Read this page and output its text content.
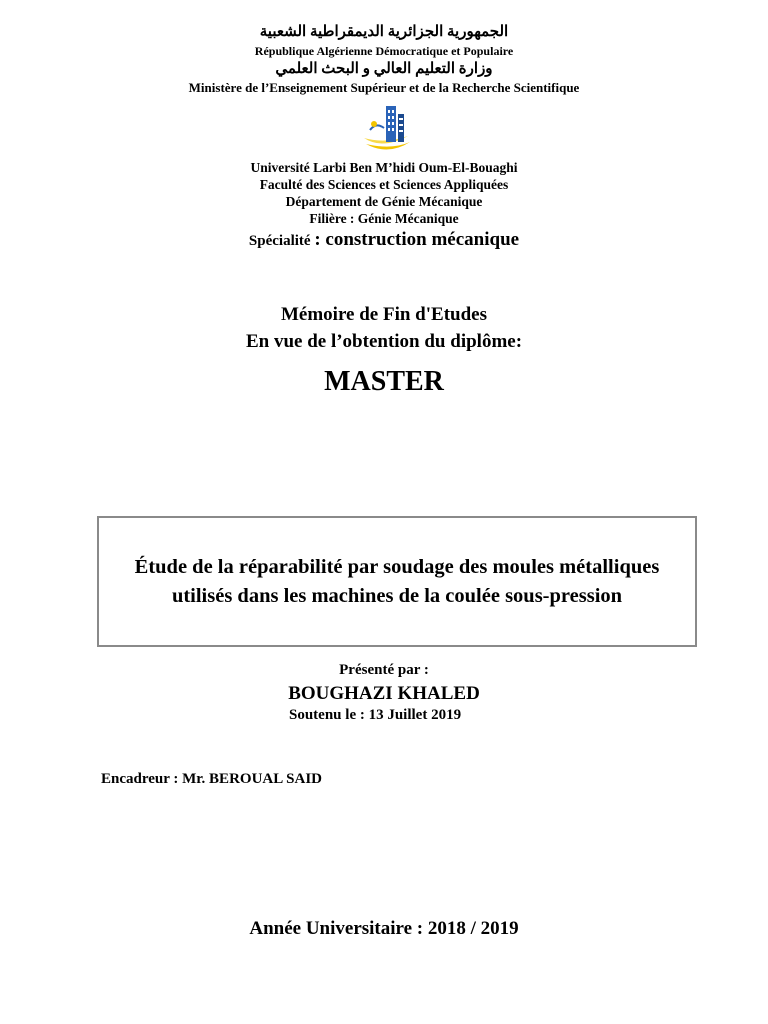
الجمهورية الجزائرية الديمقراطية الشعبية
République Algérienne Démocratique et Populaire
وزارة التعليم العالي و البحث العلمي
Ministère de l’Enseignement Supérieur et de la Recherche Scientifique
Université Larbi Ben M’hidi Oum-El-Bouaghi
Faculté des Sciences et Sciences Appliquées
Département de Génie Mécanique
Filière : Génie Mécanique
Spécialité : construction mécanique
Mémoire de Fin d'Etudes
En vue de l’obtention du diplôme:
MASTER
Étude de la réparabilité par soudage des moules métalliques utilisés dans les machines de la coulée sous-pression
Présenté par :
BOUGHAZI KHALED
Soutenu le : 13 Juillet 2019
Encadreur : Mr. BEROUAL SAID
Année Universitaire : 2018 / 2019
